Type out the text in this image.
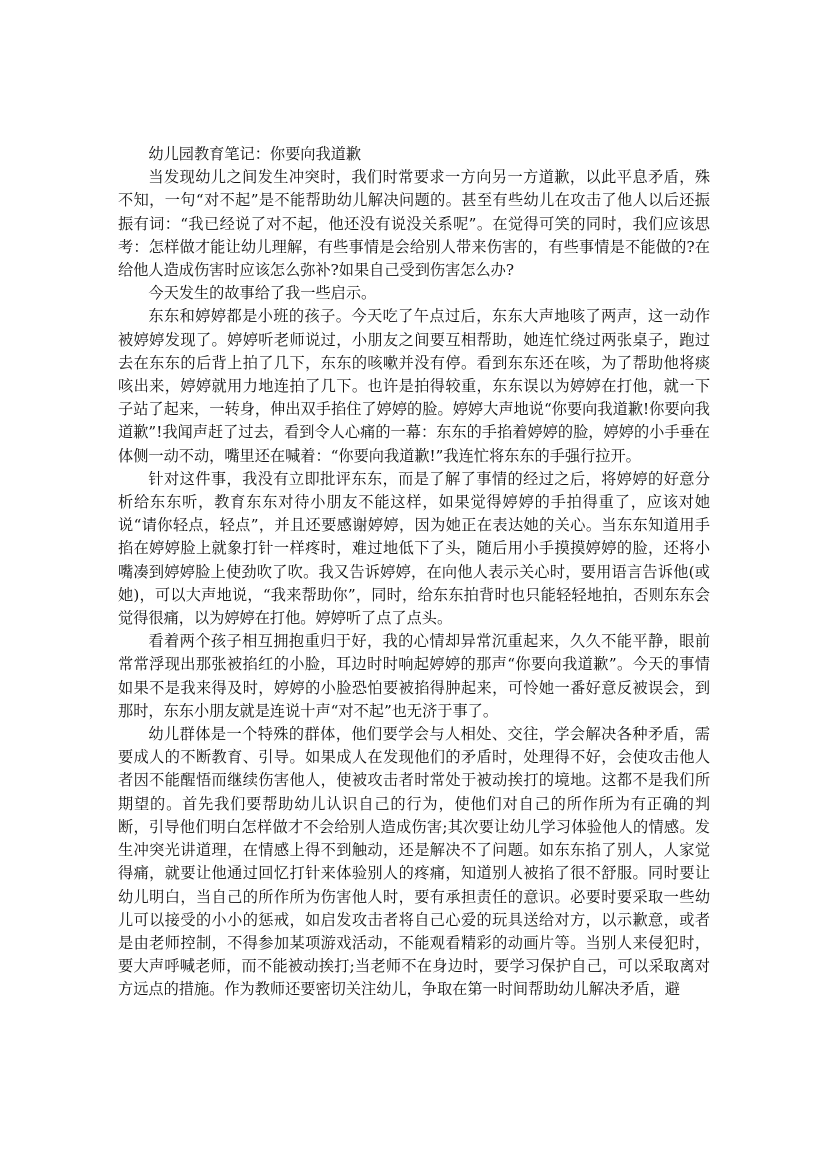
幼儿园教育笔记：你要向我道歉

当发现幼儿之间发生冲突时，我们时常要求一方向另一方道歉，以此平息矛盾，殊不知，一句“对不起”是不能帮助幼儿解决问题的。甚至有些幼儿在攻击了他人以后还振振有词：“我已经说了对不起，他还没有说没关系呢”。在觉得可笑的同时，我们应该思考：怎样做才能让幼儿理解，有些事情是会给别人带来伤害的，有些事情是不能做的?在给他人造成伤害时应该怎么弥补?如果自己受到伤害怎么办?

今天发生的故事给了我一些启示。

东东和婷婷都是小班的孩子。今天吃了午点过后，东东大声地咳了两声，这一动作被婷婷发现了。婷婷听老师说过，小朋友之间要互相帮助，她连忙绕过两张桌子，跑过去在东东的后背上拍了几下，东东的咳嗽并没有停。看到东东还在咳，为了帮助他将痰咳出来，婷婷就用力地连拍了几下。也许是拍得较重，东东误以为婷婷在打他，就一下子站了起来，一转身，伸出双手掐住了婷婷的脸。婷婷大声地说“你要向我道歉!你要向我道歉”!我闻声赶了过去，看到令人心痛的一幕：东东的手掐着婷婷的脸，婷婷的小手垂在体侧一动不动，嘴里还在喊着：“你要向我道歉!”我连忙将东东的手强行拉开。

针对这件事，我没有立即批评东东，而是了解了事情的经过之后，将婷婷的好意分析给东东听，教育东东对待小朋友不能这样，如果觉得婷婷的手拍得重了，应该对她说“请你轻点，轻点”，并且还要感谢婷婷，因为她正在表达她的关心。当东东知道用手掐在婷婷脸上就象打针一样疼时，难过地低下了头，随后用小手摸摸婷婷的脸，还将小嘴凑到婷婷脸上使劲吹了吹。我又告诉婷婷，在向他人表示关心时，要用语言告诉他(或她)，可以大声地说，“我来帮助你”，同时，给东东拍背时也只能轻轻地拍，否则东东会觉得很痛，以为婷婷在打他。婷婷听了点了点头。

看着两个孩子相互拥抱重归于好，我的心情却异常沉重起来，久久不能平静，眼前常常浮现出那张被掐红的小脸，耳边时时响起婷婷的那声“你要向我道歉”。今天的事情如果不是我来得及时，婷婷的小脸恐怕要被掐得肿起来，可怜她一番好意反被误会，到那时，东东小朋友就是连说十声“对不起”也无济于事了。

幼儿群体是一个特殊的群体，他们要学会与人相处、交往，学会解决各种矛盾，需要成人的不断教育、引导。如果成人在发现他们的矛盾时，处理得不好，会使攻击他人者因不能醒悟而继续伤害他人，使被攻击者时常处于被动挨打的境地。这都不是我们所期望的。首先我们要帮助幼儿认识自己的行为，使他们对自己的所作所为有正确的判断，引导他们明白怎样做才不会给别人造成伤害;其次要让幼儿学习体验他人的情感。发生冲突光讲道理，在情感上得不到触动，还是解决不了问题。如东东掐了别人，人家觉得痛，就要让他通过回忆打针来体验别人的疼痛，知道别人被掐了很不舒服。同时要让幼儿明白，当自己的所作所为伤害他人时，要有承担责任的意识。必要时要采取一些幼儿可以接受的小小的惩戒，如启发攻击者将自己心爱的玩具送给对方，以示歉意，或者是由老师控制，不得参加某项游戏活动，不能观看精彩的动画片等。当别人来侵犯时，要大声呼喊老师，而不能被动挨打;当老师不在身边时，要学习保护自己，可以采取离对方远点的措施。作为教师还要密切关注幼儿，争取在第一时间帮助幼儿解决矛盾，避
